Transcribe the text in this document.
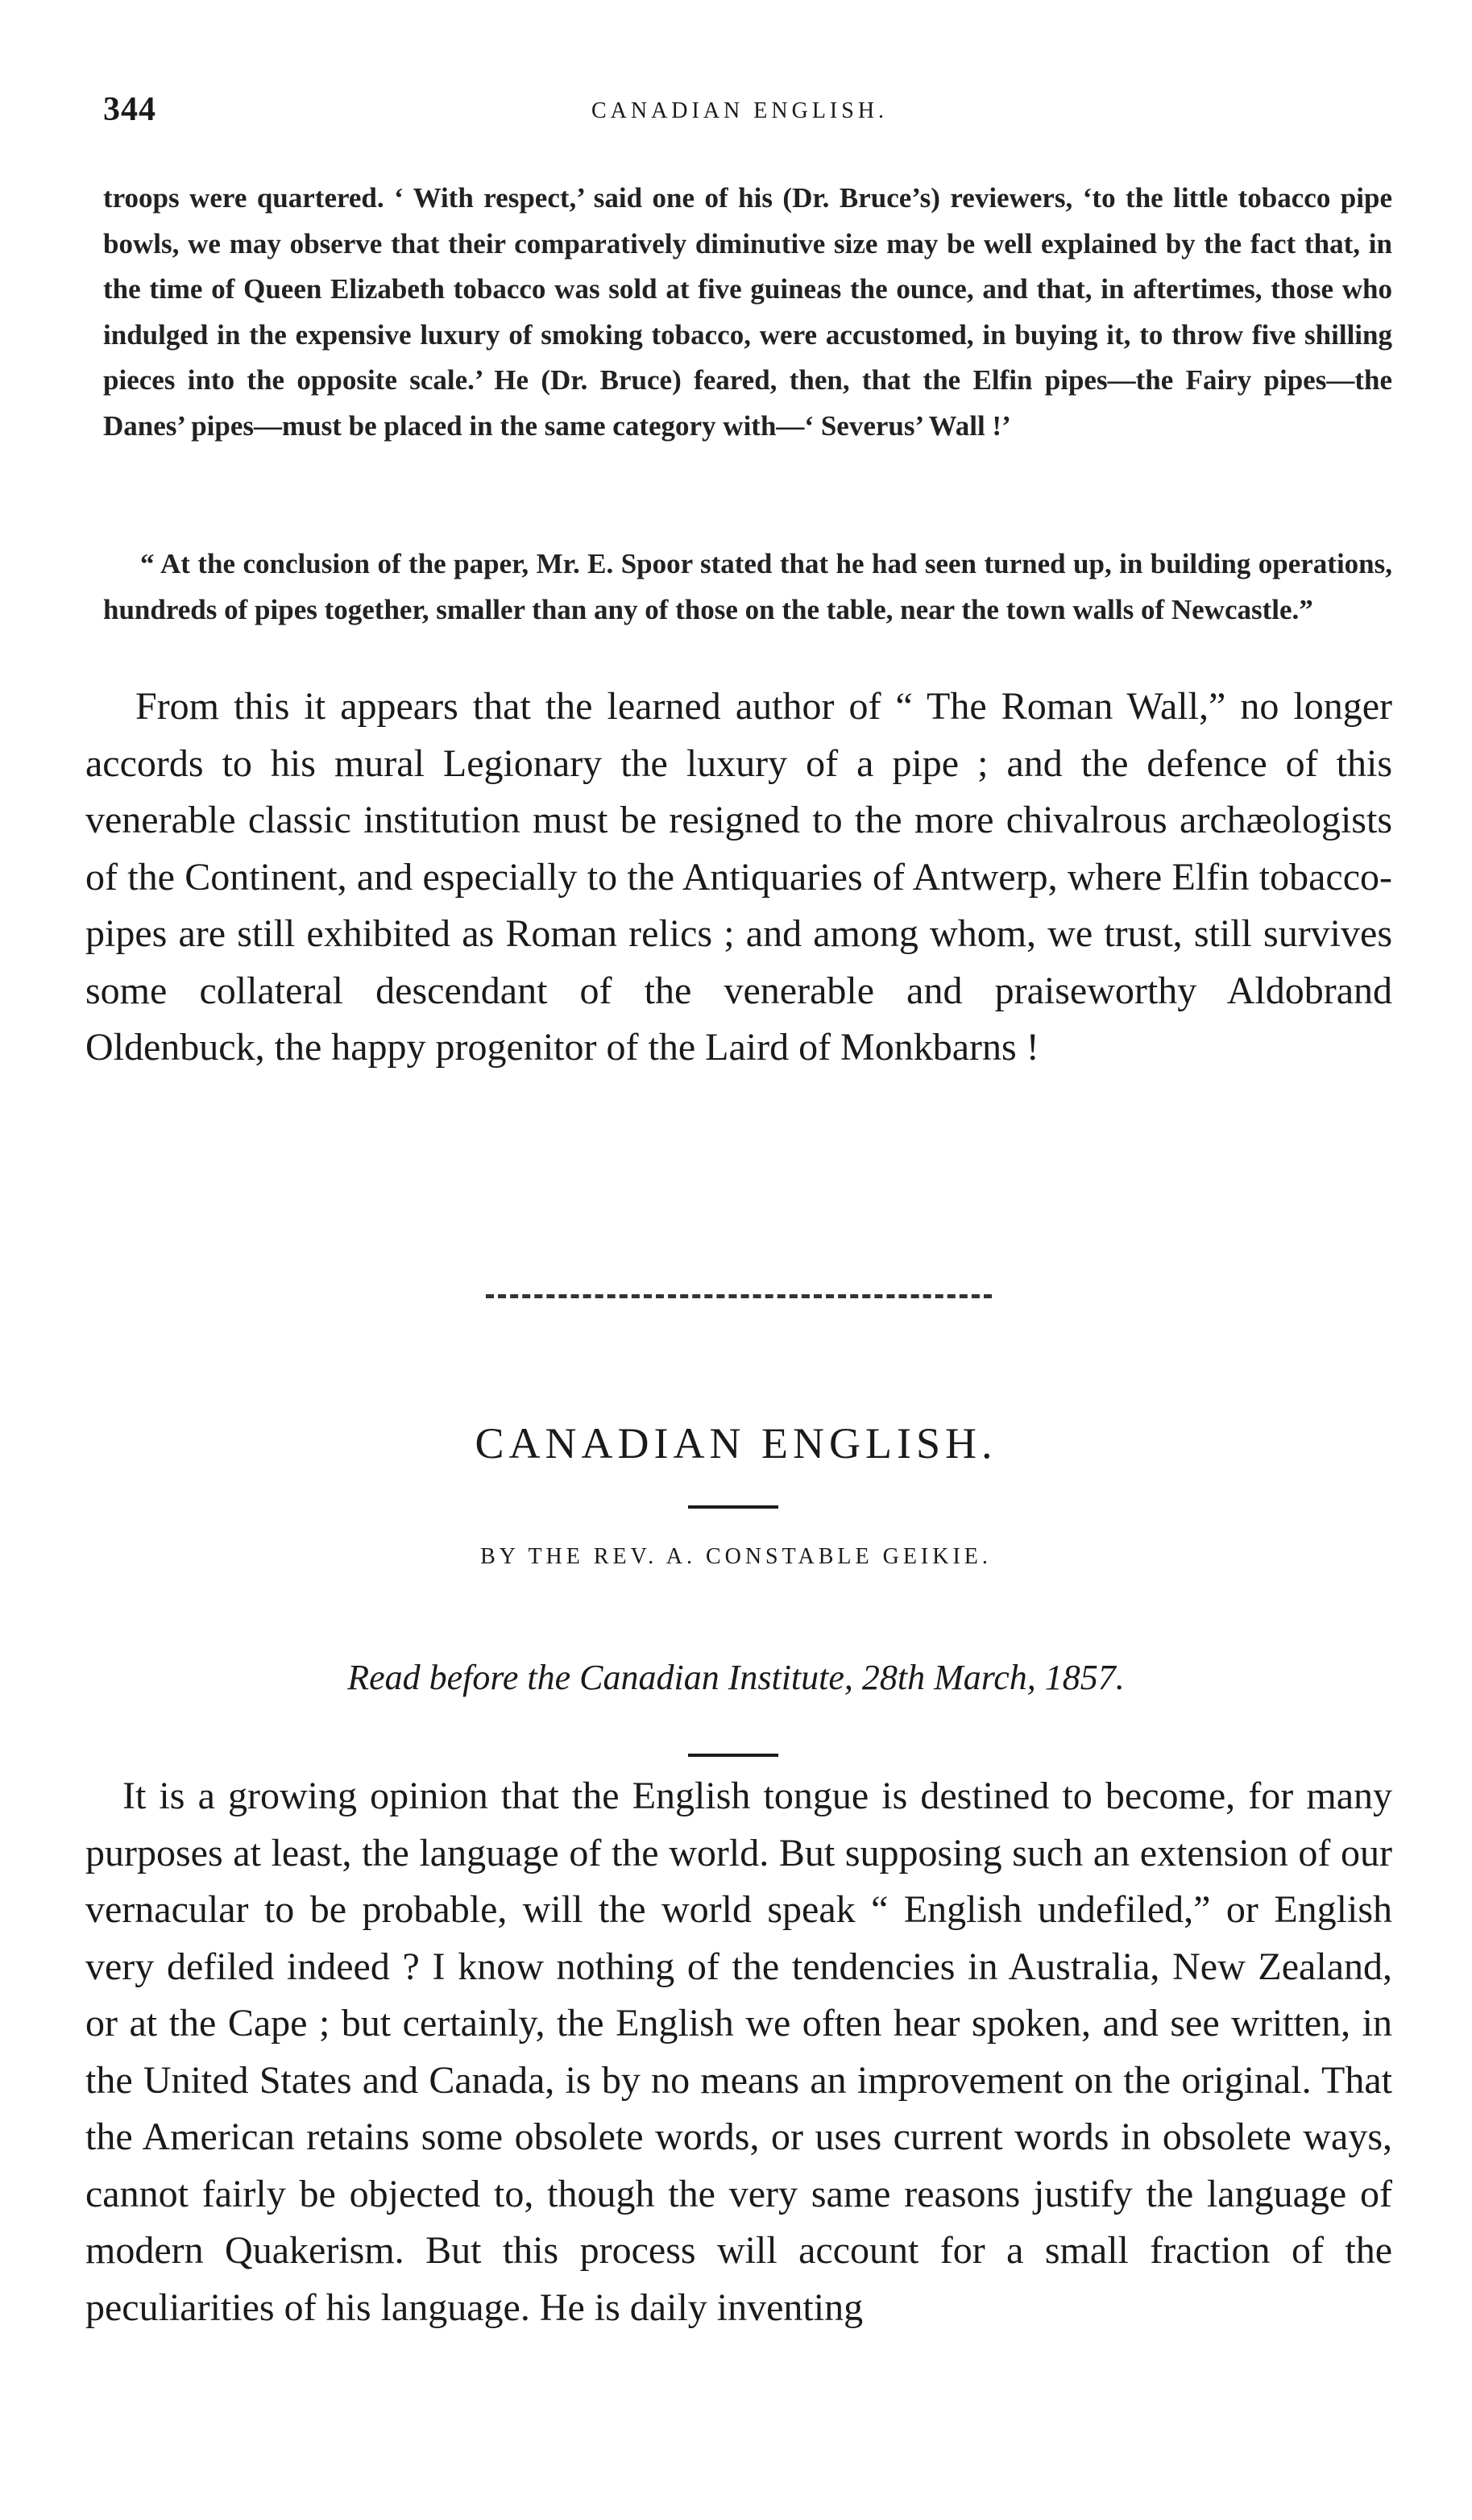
344	CANADIAN ENGLISH.

troops were quartered. ‘ With respect,’ said one of his (Dr. Bruce’s) reviewers, ‘to the little tobacco pipe bowls, we may observe that their comparatively diminutive size may be well explained by the fact that, in the time of Queen Elizabeth tobacco was sold at five guineas the ounce, and that, in aftertimes, those who indulged in the expensive luxury of smoking tobacco, were accustomed, in buying it, to throw five shilling pieces into the opposite scale.’ He (Dr. Bruce) feared, then, that the Elfin pipes—the Fairy pipes—the Danes’ pipes—must be placed in the same category with—‘ Severus’ Wall !’

“ At the conclusion of the paper, Mr. E. Spoor stated that he had seen turned up, in building operations, hundreds of pipes together, smaller than any of those on the table, near the town walls of Newcastle.”

From this it appears that the learned author of “ The Roman Wall,” no longer accords to his mural Legionary the luxury of a pipe ; and the defence of this venerable classic institution must be resigned to the more chivalrous archæologists of the Continent, and especially to the Antiquaries of Antwerp, where Elfin tobacco-pipes are still exhibited as Roman relics ; and among whom, we trust, still survives some collateral descendant of the venerable and praiseworthy Aldobrand Oldenbuck, the happy progenitor of the Laird of Monkbarns !

CANADIAN ENGLISH.
BY THE REV. A. CONSTABLE GEIKIE.
Read before the Canadian Institute, 28th March, 1857.

It is a growing opinion that the English tongue is destined to become, for many purposes at least, the language of the world. But supposing such an extension of our vernacular to be probable, will the world speak “ English undefiled,” or English very defiled indeed ? I know nothing of the tendencies in Australia, New Zealand, or at the Cape ; but certainly, the English we often hear spoken, and see written, in the United States and Canada, is by no means an improvement on the original. That the American retains some obsolete words, or uses current words in obsolete ways, cannot fairly be objected to, though the very same reasons justify the language of modern Quakerism. But this process will account for a small fraction of the peculiarities of his language. He is daily inventing
